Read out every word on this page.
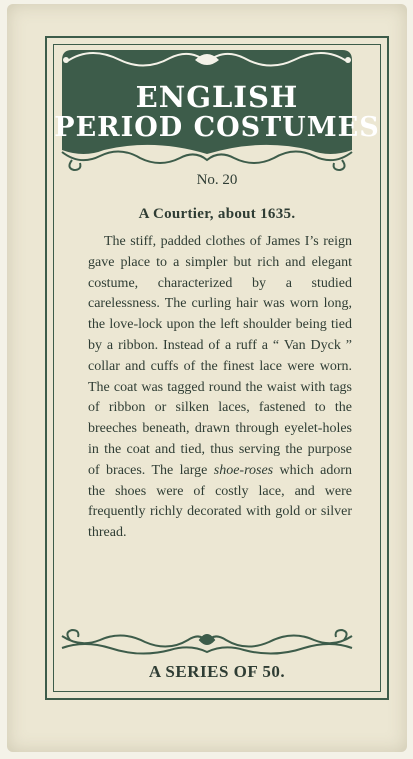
ENGLISH
PERIOD COSTUMES
No. 20
A Courtier, about 1635.

The stiff, padded clothes of James I’s reign gave place to a simpler but rich and elegant costume, characterized by a studied carelessness. The curling hair was worn long, the love-lock upon the left shoulder being tied by a ribbon. Instead of a ruff a “ Van Dyck ” collar and cuffs of the finest lace were worn. The coat was tagged round the waist with tags of ribbon or silken laces, fastened to the breeches beneath, drawn through eyelet-holes in the coat and tied, thus serving the purpose of braces. The large shoe-roses which adorn the shoes were of costly lace, and were frequently richly decorated with gold or silver thread.

A SERIES OF 50.
